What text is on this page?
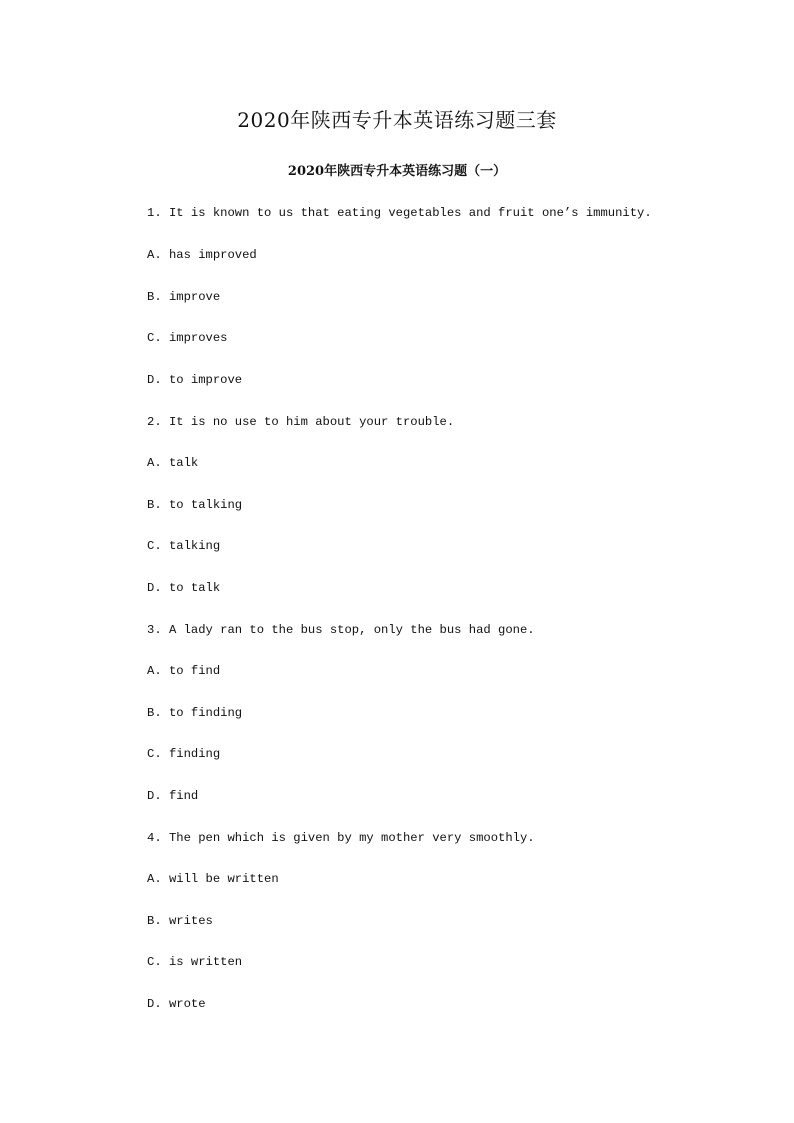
2020年陕西专升本英语练习题三套
2020年陕西专升本英语练习题（一）

1. It is known to us that eating vegetables and fruit one’s immunity.

A. has improved

B. improve

C. improves

D. to improve

2. It is no use to him about your trouble.

A. talk

B. to talking

C. talking

D. to talk

3. A lady ran to the bus stop, only the bus had gone.

A. to find

B. to finding

C. finding

D. find

4. The pen which is given by my mother very smoothly.

A. will be written

B. writes

C. is written

D. wrote
